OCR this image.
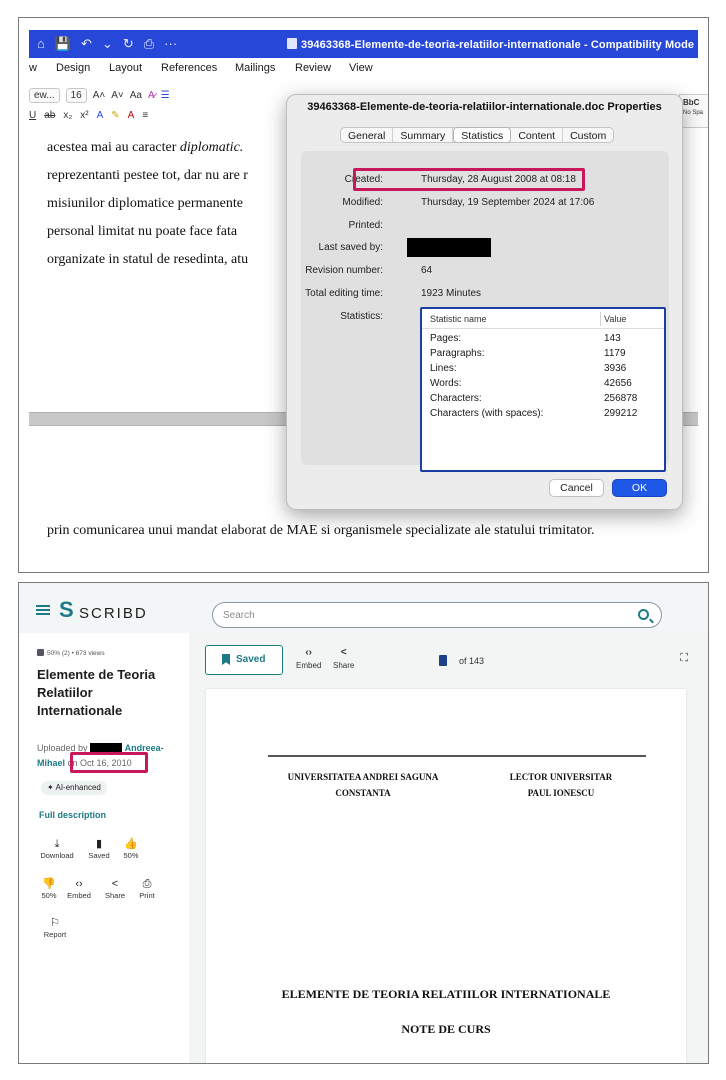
⌂ 💾 ↶ ⌄ ↻ ⎙ ···	39463368-Elemente-de-teoria-relatiilor-internationale - Compatibility Mode
w Design Layout References Mailings Review View
ew...	16	A˄ A˅ Aa A̷ ☰
U ab x₂ x² A ✎ A ≡
BbC
No Spa
acestea mai au caracter diplomatic.
reprezentanti pestee tot, dar nu are r
misiunilor diplomatice permanente
personal limitat nu poate face fata
organizate in statul de resedinta, atu
prin comunicarea unui mandat elaborat de MAE si organismele specializate ale statului trimitator.
39463368-Elemente-de-teoria-relatiilor-internationale.doc Properties
General	Summary	Statistics	Content	Custom
Created:	Thursday, 28 August 2008 at 08:18
Modified:	Thursday, 19 September 2024 at 17:06
Printed:
Last saved by:
Revision number:	64
Total editing time:	1923 Minutes
Statistics:	Statistic name	Value
Pages:	143
Paragraphs:	1179
Lines:	3936
Words:	42656
Characters:	256878
Characters (with spaces):	299212
Cancel	OK
S SCRIBD
Search
50% (2) • 673 views
Elemente de Teoria Relatiilor Internationale
Uploaded by	Andreea-
Mihael on Oct 16, 2010
✦ AI-enhanced
Full description
⤓
Download
▮
Saved
👍
50%
👎
50%
‹›
Embed
<
Share
⎙
Print
⚐
Report
Saved
‹›
Embed
<
Share	of 143	⛶
UNIVERSITATEA ANDREI SAGUNA
CONSTANTA
LECTOR UNIVERSITAR
PAUL IONESCU
ELEMENTE DE TEORIA RELATIILOR INTERNATIONALE
NOTE DE CURS
